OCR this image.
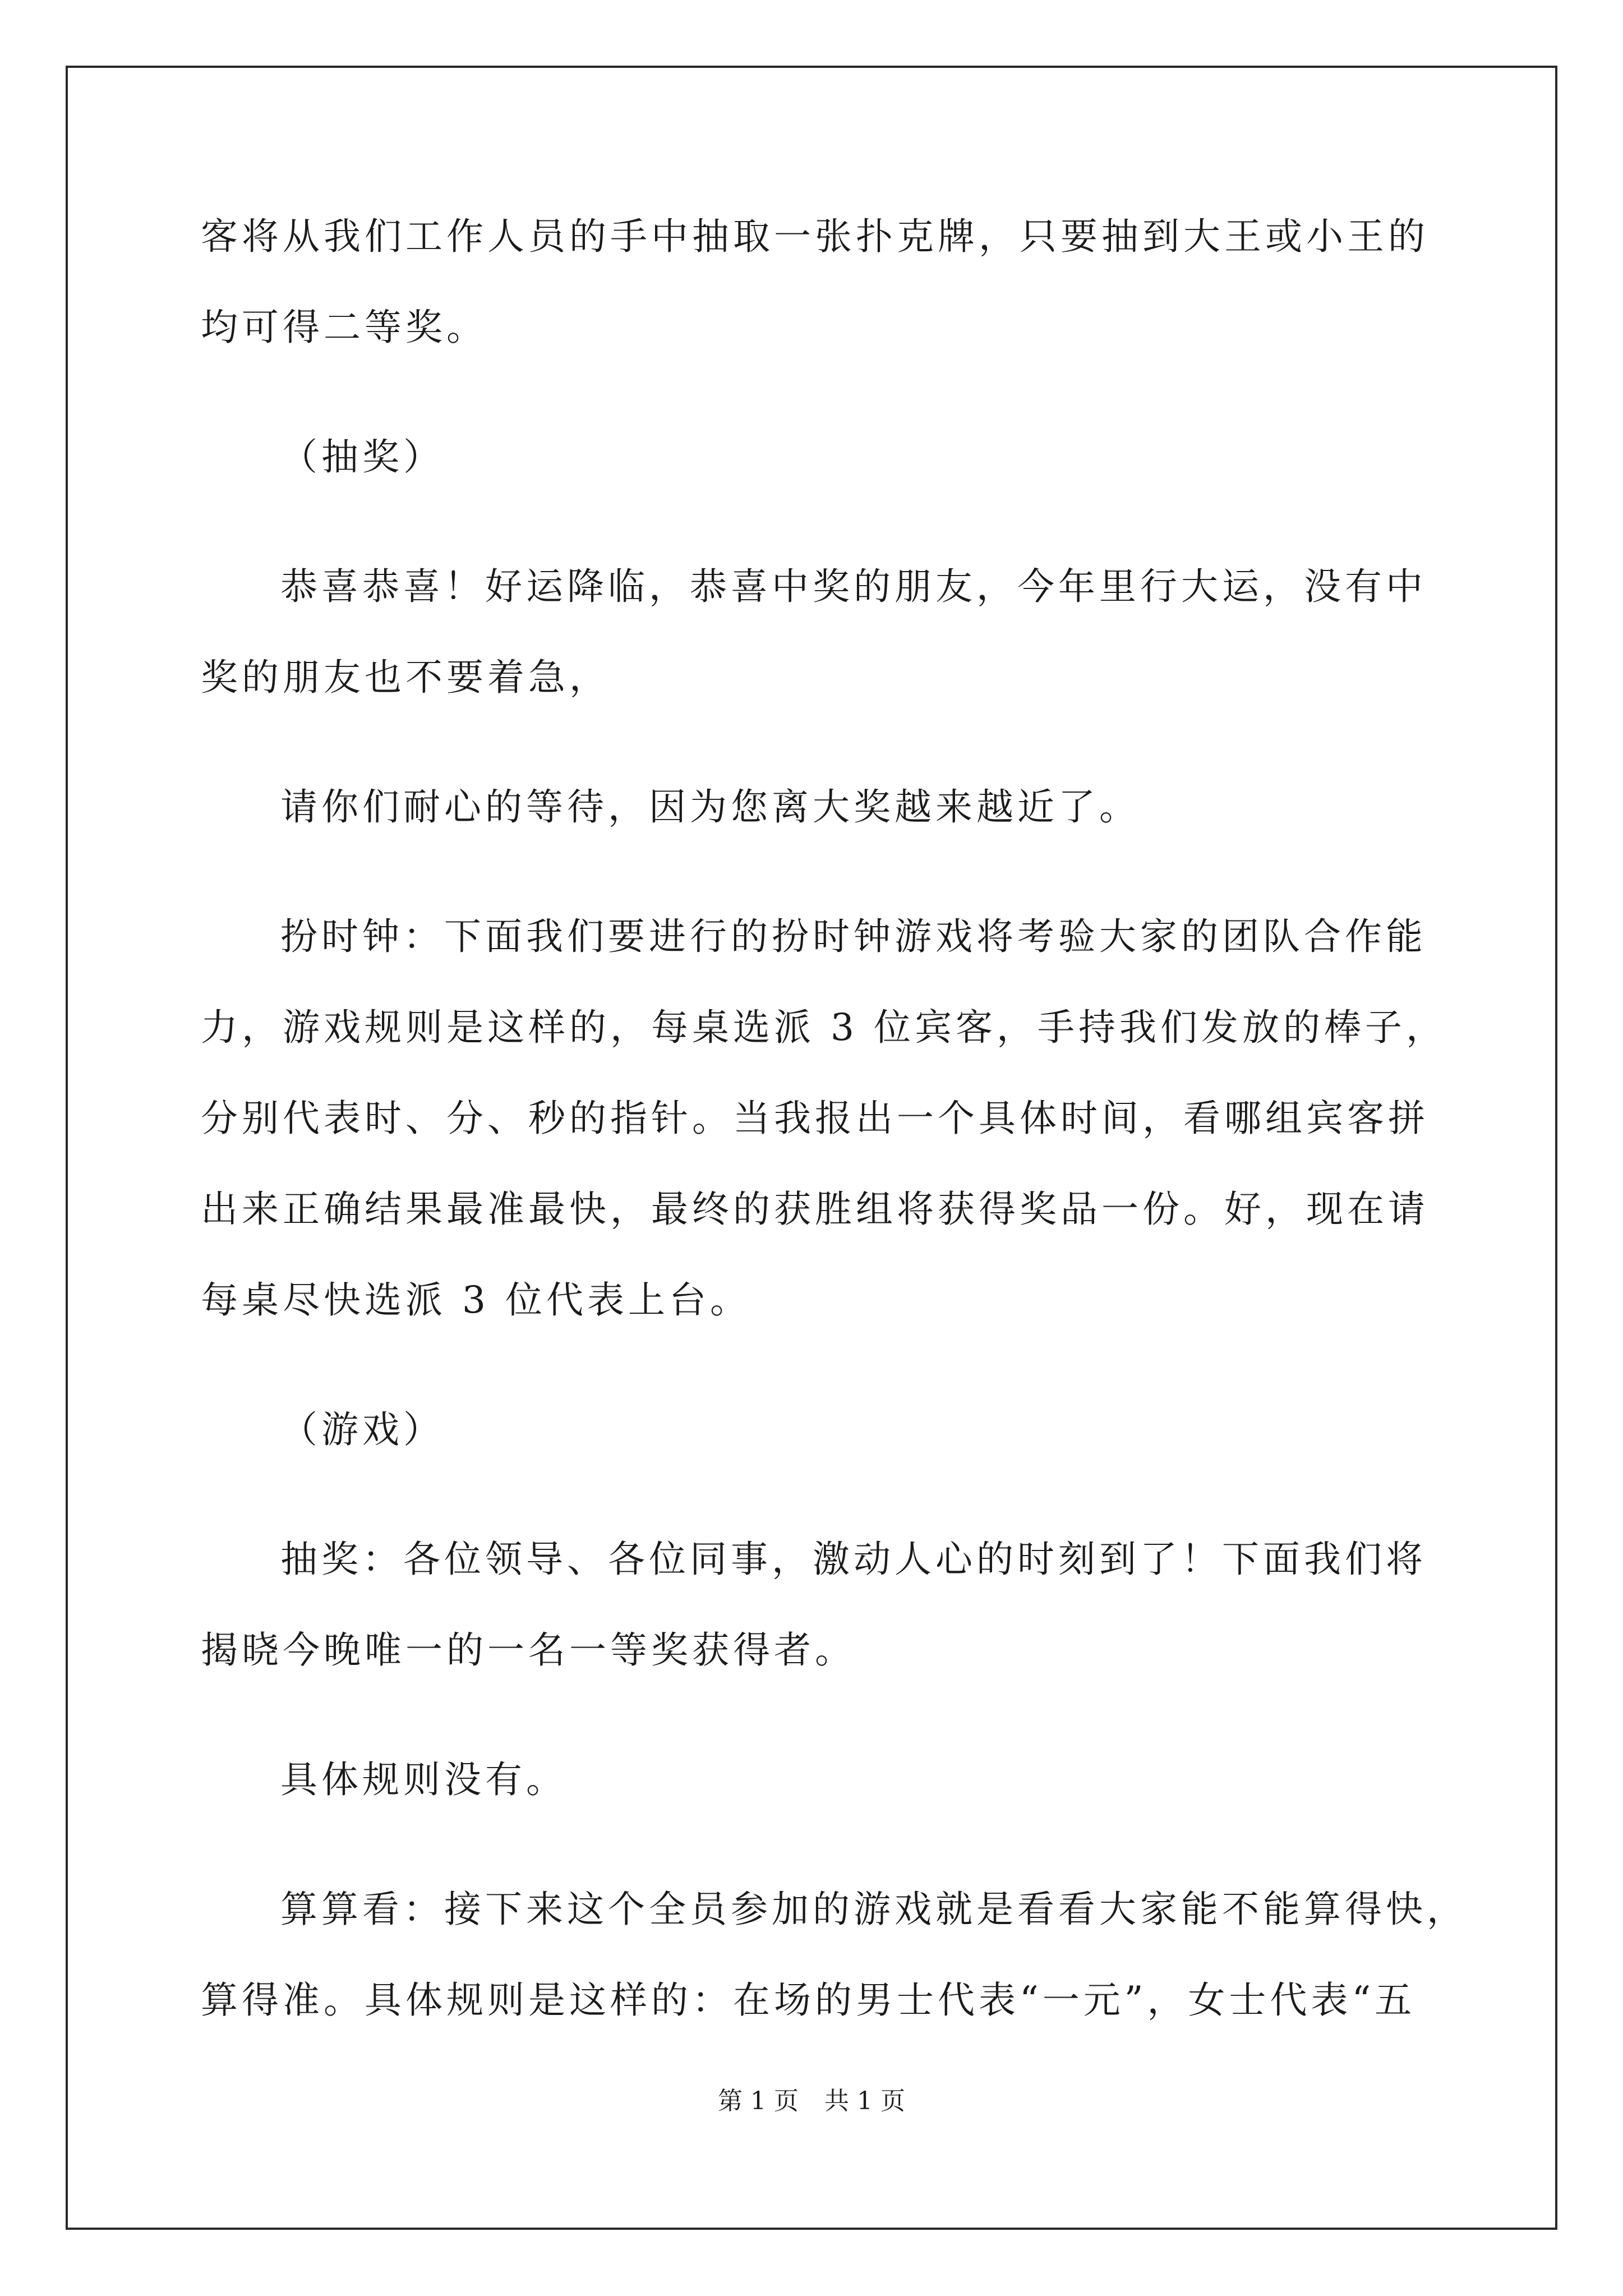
客将从我们工作人员的手中抽取一张扑克牌，只要抽到大王或小王的
均可得二等奖。
（抽奖）
恭喜恭喜！好运降临，恭喜中奖的朋友，今年里行大运，没有中
奖的朋友也不要着急，
请你们耐心的等待，因为您离大奖越来越近了。
扮时钟：下面我们要进行的扮时钟游戏将考验大家的团队合作能
力，游戏规则是这样的，每桌选派 3 位宾客，手持我们发放的棒子，
分别代表时、分、秒的指针。当我报出一个具体时间，看哪组宾客拼
出来正确结果最准最快，最终的获胜组将获得奖品一份。好，现在请
每桌尽快选派 3 位代表上台。
（游戏）
抽奖：各位领导、各位同事，激动人心的时刻到了！下面我们将
揭晓今晚唯一的一名一等奖获得者。
具体规则没有。
算算看：接下来这个全员参加的游戏就是看看大家能不能算得快，
算得准。具体规则是这样的：在场的男士代表“一元”，女士代表“五
第 1 页 共 1 页
